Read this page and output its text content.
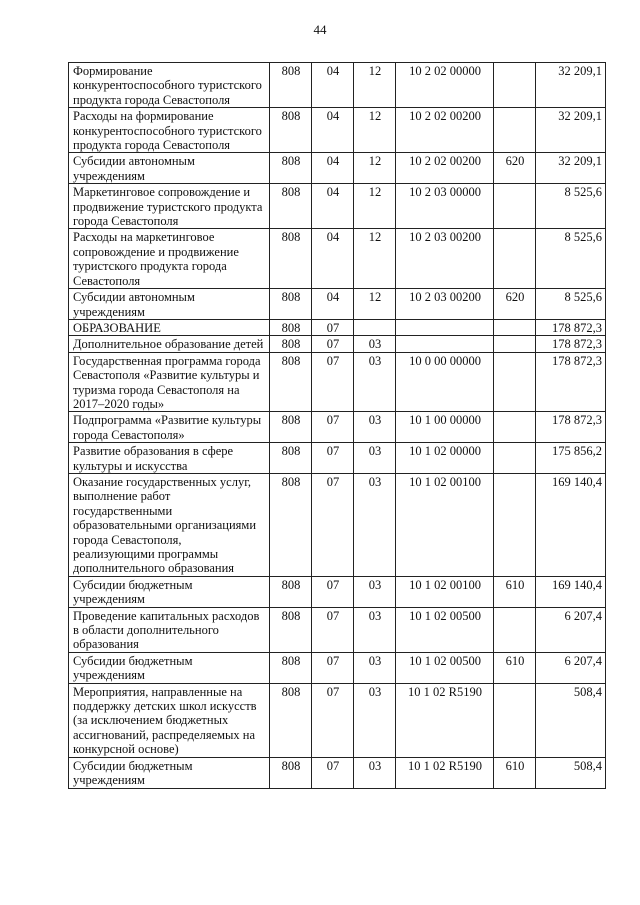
44
Формирование конкурентоспособного туристского продукта города Севастополя	808	04	12	10 2 02 00000		32 209,1
Расходы на формирование конкурентоспособного туристского продукта города Севастополя	808	04	12	10 2 02 00200		32 209,1
Субсидии автономным учреждениям	808	04	12	10 2 02 00200	620	32 209,1
Маркетинговое сопровождение и продвижение туристского продукта города Севастополя	808	04	12	10 2 03 00000		8 525,6
Расходы на маркетинговое сопровождение и продвижение туристского продукта города Севастополя	808	04	12	10 2 03 00200		8 525,6
Субсидии автономным учреждениям	808	04	12	10 2 03 00200	620	8 525,6
ОБРАЗОВАНИЕ	808	07				178 872,3
Дополнительное образование детей	808	07	03			178 872,3
Государственная программа города Севастополя «Развитие культуры и туризма города Севастополя на 2017–2020 годы»	808	07	03	10 0 00 00000		178 872,3
Подпрограмма «Развитие культуры города Севастополя»	808	07	03	10 1 00 00000		178 872,3
Развитие образования в сфере культуры и искусства	808	07	03	10 1 02 00000		175 856,2
Оказание государственных услуг, выполнение работ государственными образовательными организациями города Севастополя, реализующими программы дополнительного образования	808	07	03	10 1 02 00100		169 140,4
Субсидии бюджетным учреждениям	808	07	03	10 1 02 00100	610	169 140,4
Проведение капитальных расходов в области дополнительного образования	808	07	03	10 1 02 00500		6 207,4
Субсидии бюджетным учреждениям	808	07	03	10 1 02 00500	610	6 207,4
Мероприятия, направленные на поддержку детских школ искусств (за исключением бюджетных ассигнований, распределяемых на конкурсной основе)	808	07	03	10 1 02 R5190		508,4
Субсидии бюджетным учреждениям	808	07	03	10 1 02 R5190	610	508,4
